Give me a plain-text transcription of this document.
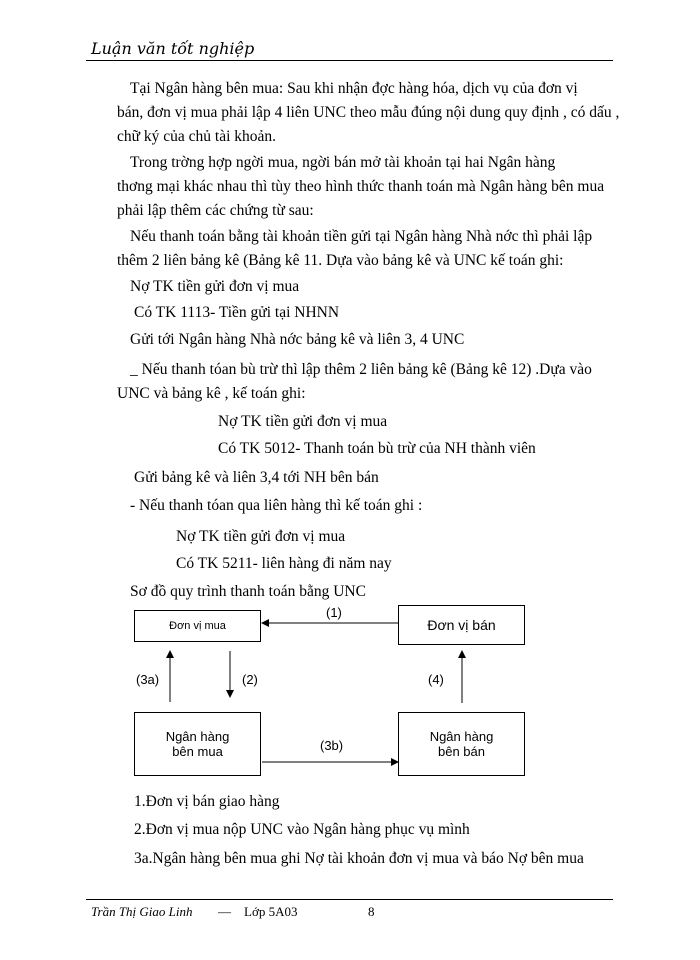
Luận văn tốt nghiệp
Tại Ngân hàng bên mua: Sau khi nhận đợc hàng hóa, dịch vụ của đơn vị
bán, đơn vị mua phải lập 4 liên UNC theo mẫu đúng nội dung quy định , có dấu ,
chữ ký của chủ tài khoản.
Trong trờng hợp ngời mua, ngời bán mở tài khoản tại hai Ngân hàng
thơng mại khác nhau thì tùy theo hình thức thanh toán mà Ngân hàng bên mua
phải lập thêm các chứng từ sau:
Nếu thanh toán bằng tài khoản tiền gửi tại Ngân hàng Nhà nớc thì phải lập
thêm 2 liên bảng kê (Bảng kê 11. Dựa vào bảng kê và UNC kế toán ghi:
Nợ TK tiền gửi đơn vị mua
Có TK 1113- Tiền gửi tại NHNN
Gửi tới Ngân hàng Nhà nớc bảng kê và liên 3, 4 UNC
_ Nếu thanh tóan bù trừ thì lập thêm 2 liên bảng kê (Bảng kê 12) .Dựa vào
UNC và bảng kê , kế toán ghi:
Nợ TK tiền gửi đơn vị mua
Có TK 5012- Thanh toán bù trừ của NH thành viên
Gửi bảng kê và liên 3,4 tới NH bên bán
- Nếu thanh tóan qua liên hàng thì kế toán ghi :
Nợ TK tiền gửi đơn vị mua
Có TK 5211- liên hàng đi năm nay
Sơ đồ quy trình thanh toán bằng UNC
Đơn vị mua	Đơn vị bán
Ngân hàng
bên mua
Ngân hàng
bên bán
(1)
(2)
(3a)
(3b)
(4)
1.Đơn vị bán giao hàng
2.Đơn vị mua nộp UNC vào Ngân hàng phục vụ mình
3a.Ngân hàng bên mua ghi Nợ tài khoản đơn vị mua và báo Nợ bên mua
Trần Thị Giao Linh — Lớp 5A03	8
